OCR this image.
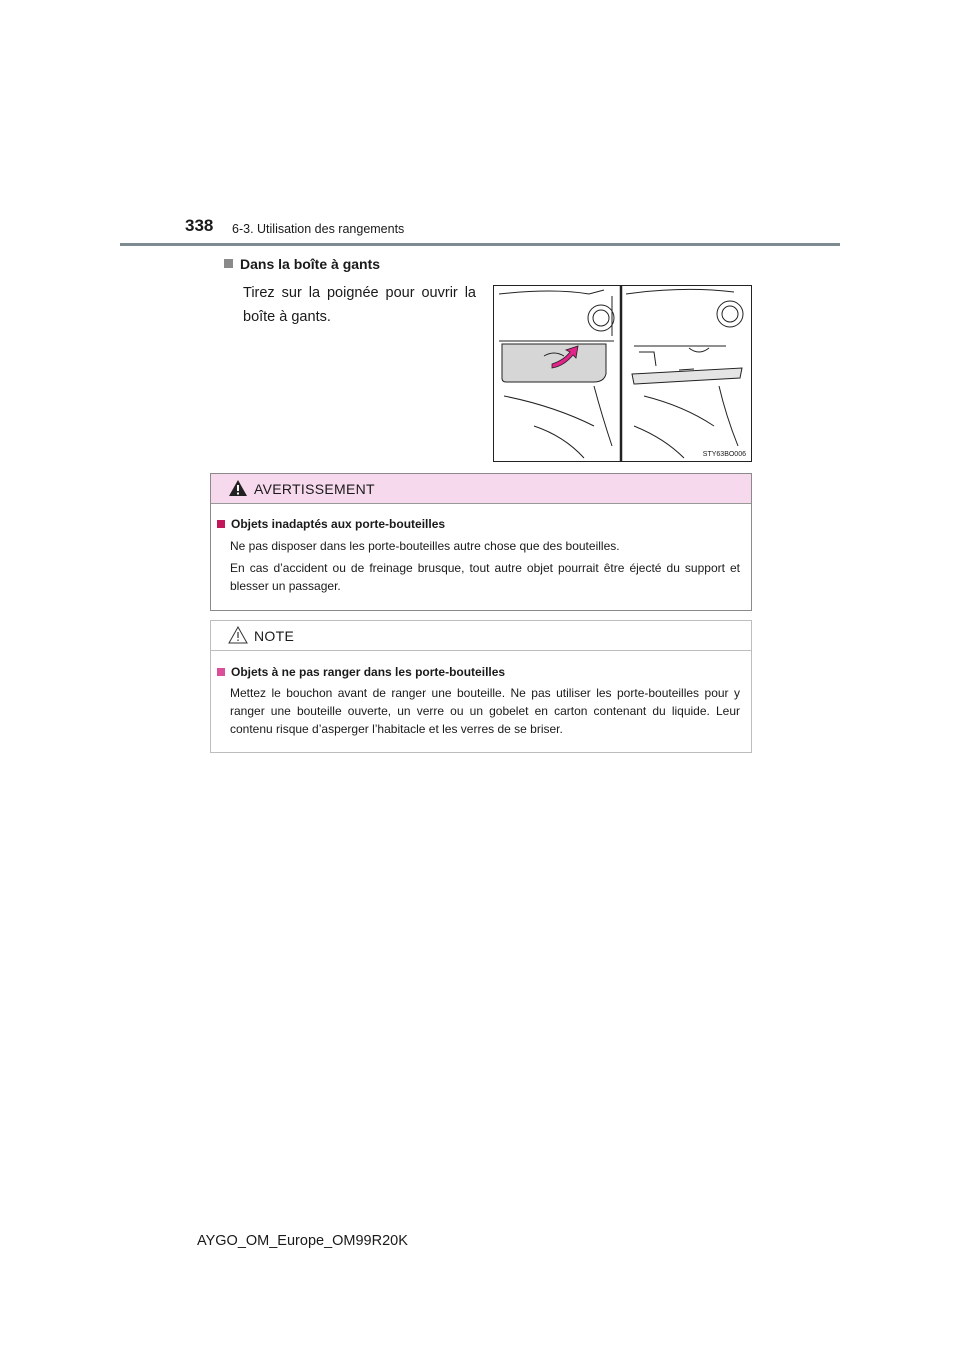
338 6-3. Utilisation des rangements
Dans la boîte à gants
Tirez sur la poignée pour ouvrir la boîte à gants.
STY63BO006
AVERTISSEMENT
Objets inadaptés aux porte-bouteilles
Ne pas disposer dans les porte-bouteilles autre chose que des bouteilles.
En cas d’accident ou de freinage brusque, tout autre objet pourrait être éjecté du support et blesser un passager.
NOTE
Objets à ne pas ranger dans les porte-bouteilles
Mettez le bouchon avant de ranger une bouteille. Ne pas utiliser les porte-bouteilles pour y ranger une bouteille ouverte, un verre ou un gobelet en carton contenant du liquide. Leur contenu risque d’asperger l’habitacle et les verres de se briser.
AYGO_OM_Europe_OM99R20K
